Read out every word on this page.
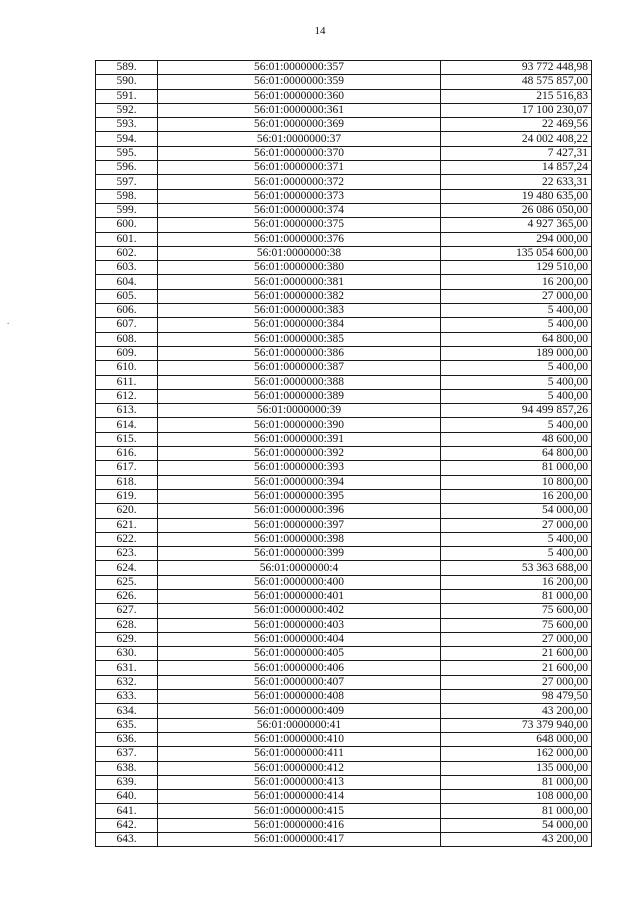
14
.
589.	56:01:0000000:357	93 772 448,98
590.	56:01:0000000:359	48 575 857,00
591.	56:01:0000000:360	215 516,83
592.	56:01:0000000:361	17 100 230,07
593.	56:01:0000000:369	22 469,56
594.	56:01:0000000:37	24 002 408,22
595.	56:01:0000000:370	7 427,31
596.	56:01:0000000:371	14 857,24
597.	56:01:0000000:372	22 633,31
598.	56:01:0000000:373	19 480 635,00
599.	56:01:0000000:374	26 086 050,00
600.	56:01:0000000:375	4 927 365,00
601.	56:01:0000000:376	294 000,00
602.	56:01:0000000:38	135 054 600,00
603.	56:01:0000000:380	129 510,00
604.	56:01:0000000:381	16 200,00
605.	56:01:0000000:382	27 000,00
606.	56:01:0000000:383	5 400,00
607.	56:01:0000000:384	5 400,00
608.	56:01:0000000:385	64 800,00
609.	56:01:0000000:386	189 000,00
610.	56:01:0000000:387	5 400,00
611.	56:01:0000000:388	5 400,00
612.	56:01:0000000:389	5 400,00
613.	56:01:0000000:39	94 499 857,26
614.	56:01:0000000:390	5 400,00
615.	56:01:0000000:391	48 600,00
616.	56:01:0000000:392	64 800,00
617.	56:01:0000000:393	81 000,00
618.	56:01:0000000:394	10 800,00
619.	56:01:0000000:395	16 200,00
620.	56:01:0000000:396	54 000,00
621.	56:01:0000000:397	27 000,00
622.	56:01:0000000:398	5 400,00
623.	56:01:0000000:399	5 400,00
624.	56:01:0000000:4	53 363 688,00
625.	56:01:0000000:400	16 200,00
626.	56:01:0000000:401	81 000,00
627.	56:01:0000000:402	75 600,00
628.	56:01:0000000:403	75 600,00
629.	56:01:0000000:404	27 000,00
630.	56:01:0000000:405	21 600,00
631.	56:01:0000000:406	21 600,00
632.	56:01:0000000:407	27 000,00
633.	56:01:0000000:408	98 479,50
634.	56:01:0000000:409	43 200,00
635.	56:01:0000000:41	73 379 940,00
636.	56:01:0000000:410	648 000,00
637.	56:01:0000000:411	162 000,00
638.	56:01:0000000:412	135 000,00
639.	56:01:0000000:413	81 000,00
640.	56:01:0000000:414	108 000,00
641.	56:01:0000000:415	81 000,00
642.	56:01:0000000:416	54 000,00
643.	56:01:0000000:417	43 200,00
